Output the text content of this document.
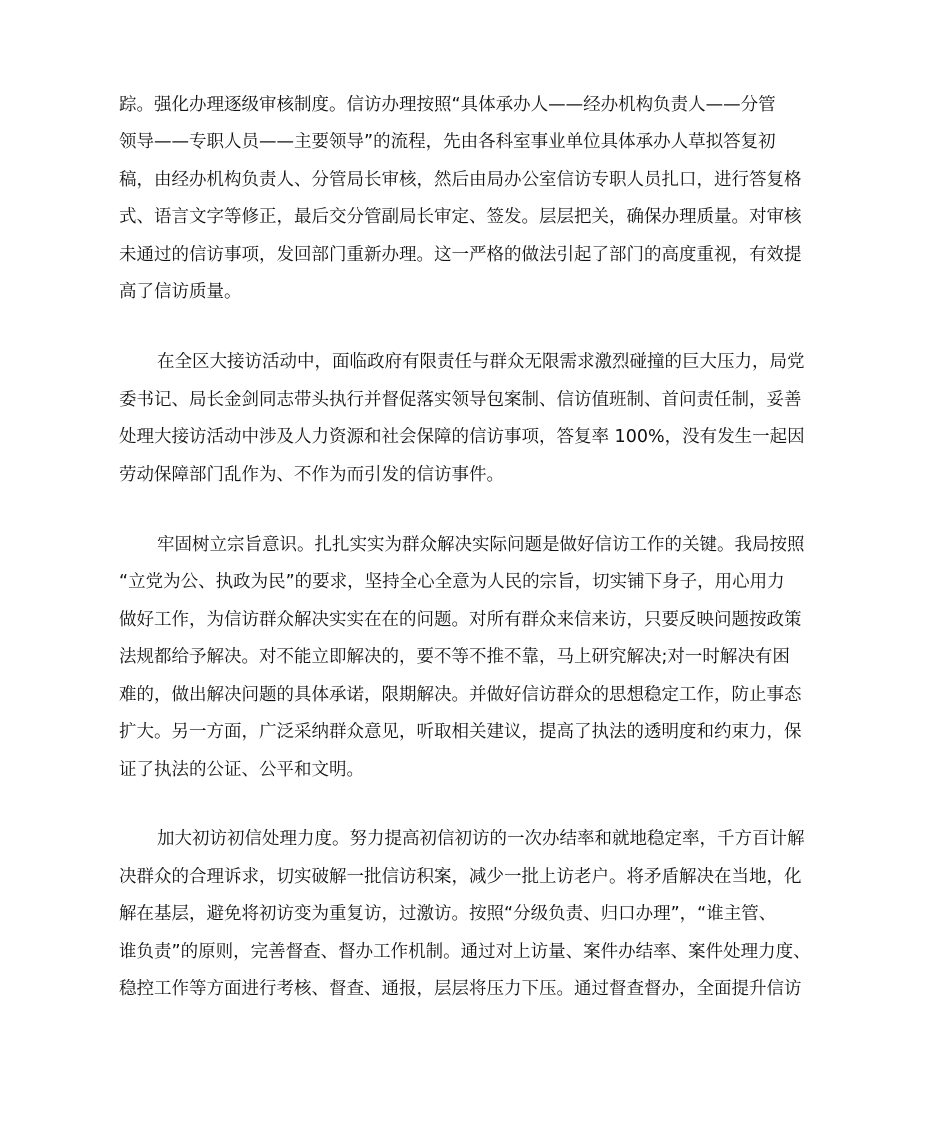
踪。强化办理逐级审核制度。信访办理按照“具体承办人——经办机构负责人——分管
领导——专职人员——主要领导”的流程，先由各科室事业单位具体承办人草拟答复初
稿，由经办机构负责人、分管局长审核，然后由局办公室信访专职人员扎口，进行答复格
式、语言文字等修正，最后交分管副局长审定、签发。层层把关，确保办理质量。对审核
未通过的信访事项，发回部门重新办理。这一严格的做法引起了部门的高度重视，有效提
高了信访质量。
在全区大接访活动中，面临政府有限责任与群众无限需求激烈碰撞的巨大压力，局党
委书记、局长金剑同志带头执行并督促落实领导包案制、信访值班制、首问责任制，妥善
处理大接访活动中涉及人力资源和社会保障的信访事项，答复率 100%，没有发生一起因
劳动保障部门乱作为、不作为而引发的信访事件。
牢固树立宗旨意识。扎扎实实为群众解决实际问题是做好信访工作的关键。我局按照
“立党为公、执政为民”的要求，坚持全心全意为人民的宗旨，切实铺下身子，用心用力
做好工作，为信访群众解决实实在在的问题。对所有群众来信来访，只要反映问题按政策
法规都给予解决。对不能立即解决的，要不等不推不靠，马上研究解决;对一时解决有困
难的，做出解决问题的具体承诺，限期解决。并做好信访群众的思想稳定工作，防止事态
扩大。另一方面，广泛采纳群众意见，听取相关建议，提高了执法的透明度和约束力，保
证了执法的公证、公平和文明。
加大初访初信处理力度。努力提高初信初访的一次办结率和就地稳定率，千方百计解
决群众的合理诉求，切实破解一批信访积案，减少一批上访老户。将矛盾解决在当地，化
解在基层，避免将初访变为重复访，过激访。按照“分级负责、归口办理”，“谁主管、
谁负责”的原则，完善督查、督办工作机制。通过对上访量、案件办结率、案件处理力度、
稳控工作等方面进行考核、督查、通报，层层将压力下压。通过督查督办，全面提升信访
